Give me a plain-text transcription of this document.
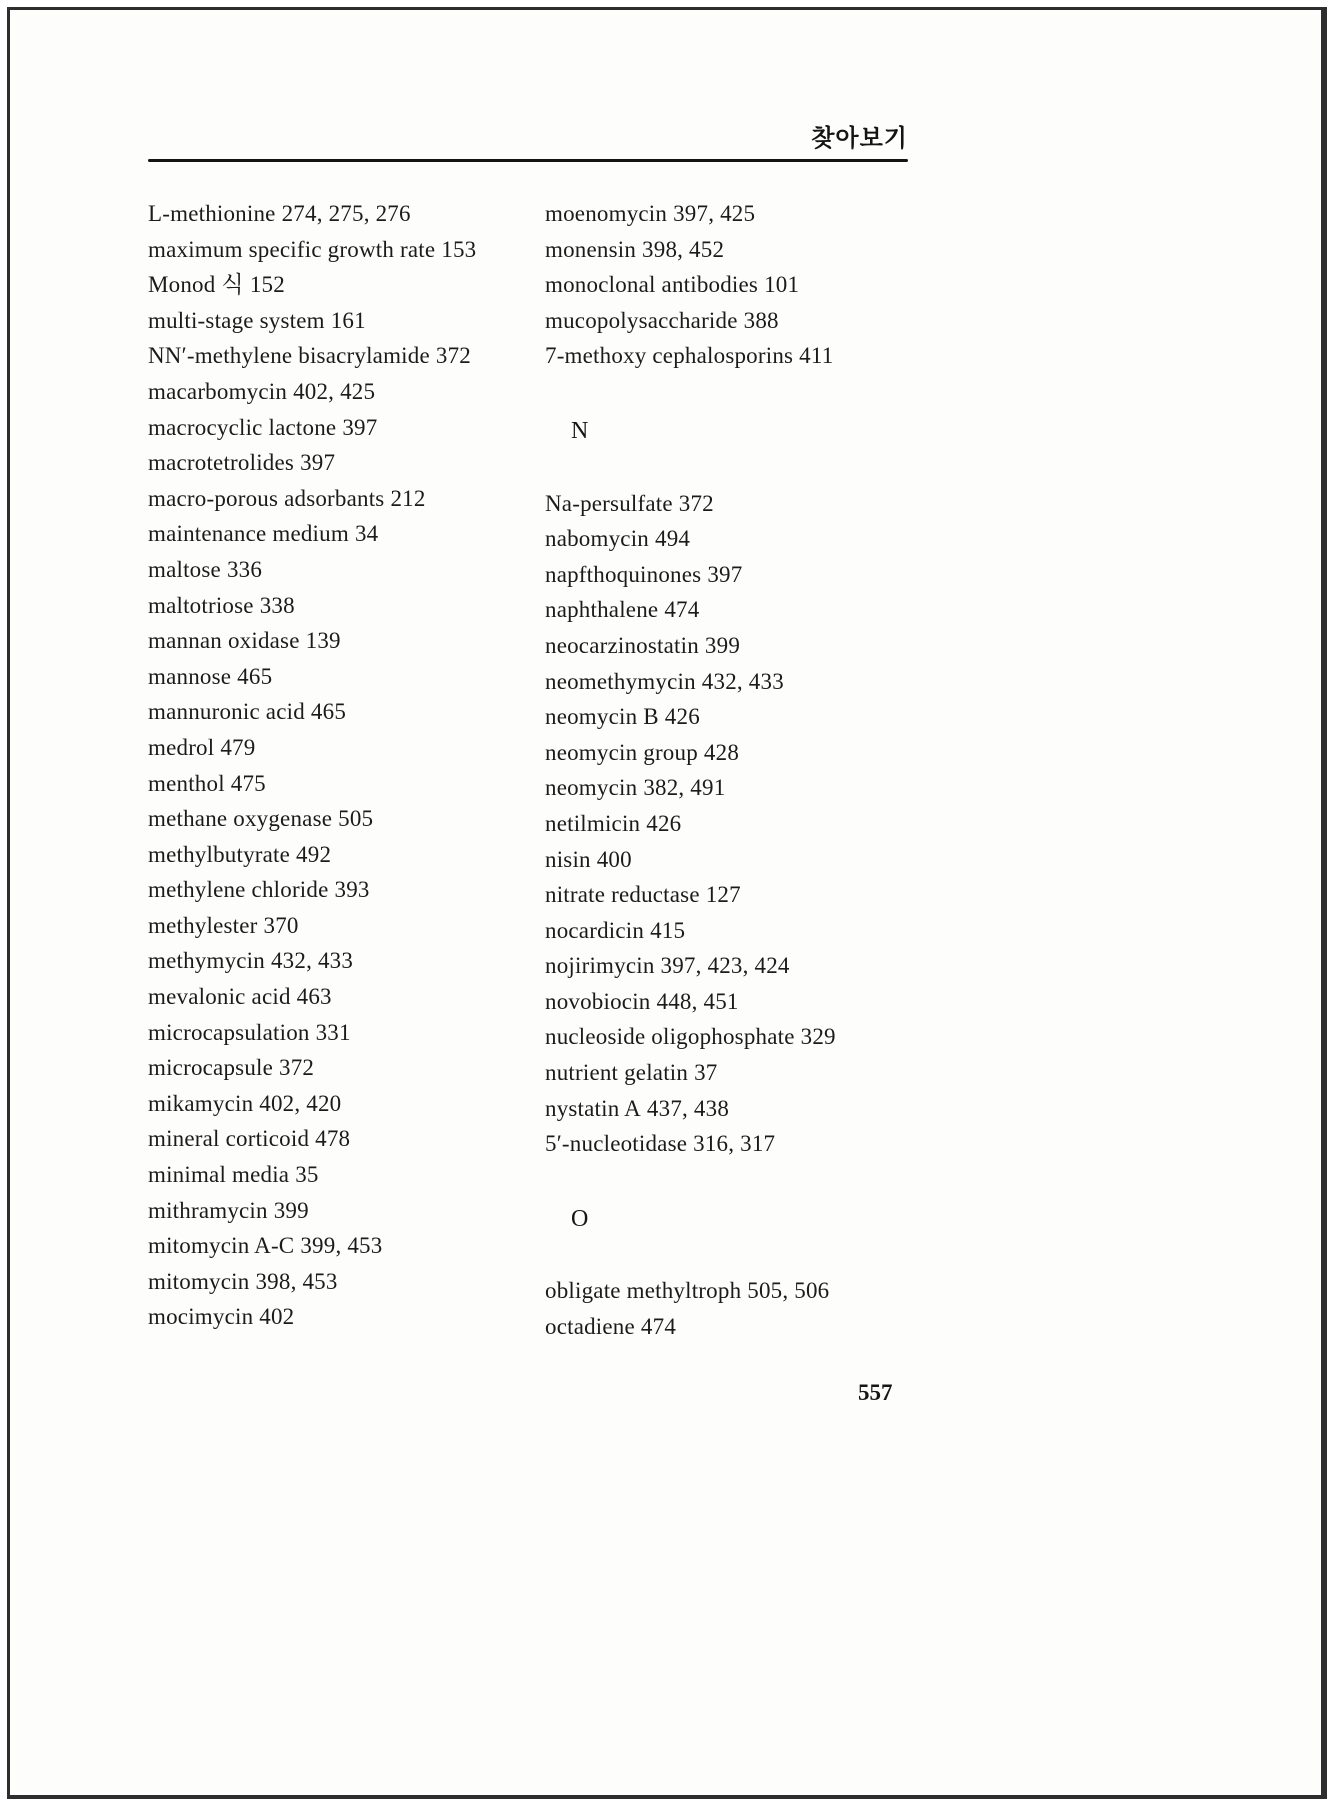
찾아보기
L-methionine 274, 275, 276
maximum specific growth rate 153
Monod 식 152
multi-stage system 161
NN′-methylene bisacrylamide 372
macarbomycin 402, 425
macrocyclic lactone 397
macrotetrolides 397
macro-porous adsorbants 212
maintenance medium 34
maltose 336
maltotriose 338
mannan oxidase 139
mannose 465
mannuronic acid 465
medrol 479
menthol 475
methane oxygenase 505
methylbutyrate 492
methylene chloride 393
methylester 370
methymycin 432, 433
mevalonic acid 463
microcapsulation 331
microcapsule 372
mikamycin 402, 420
mineral corticoid 478
minimal media 35
mithramycin 399
mitomycin A-C 399, 453
mitomycin 398, 453
mocimycin 402
moenomycin 397, 425
monensin 398, 452
monoclonal antibodies 101
mucopolysaccharide 388
7-methoxy cephalosporins 411
N
Na-persulfate 372
nabomycin 494
napfthoquinones 397
naphthalene 474
neocarzinostatin 399
neomethymycin 432, 433
neomycin B 426
neomycin group 428
neomycin 382, 491
netilmicin 426
nisin 400
nitrate reductase 127
nocardicin 415
nojirimycin 397, 423, 424
novobiocin 448, 451
nucleoside oligophosphate 329
nutrient gelatin 37
nystatin A 437, 438
5′-nucleotidase 316, 317
O
obligate methyltroph 505, 506
octadiene 474
557
